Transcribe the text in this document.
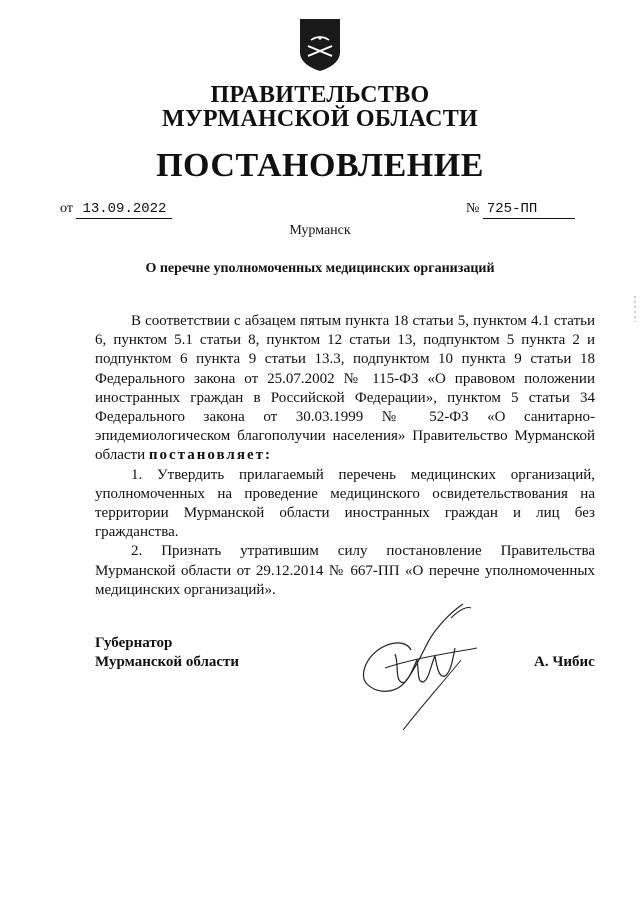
ПРАВИТЕЛЬСТВО
МУРМАНСКОЙ ОБЛАСТИ
ПОСТАНОВЛЕНИЕ
от 13.09.2022	№ 725-ПП
Мурманск
О перечне уполномоченных медицинских организаций

В соответствии с абзацем пятым пункта 18 статьи 5, пунктом 4.1 статьи 6, пунктом 5.1 статьи 8, пунктом 12 статьи 13, подпунктом 5 пункта 2 и подпунктом 6 пункта 9 статьи 13.3, подпунктом 10 пункта 9 статьи 18 Федерального закона от 25.07.2002 № 115-ФЗ «О правовом положении иностранных граждан в Российской Федерации», пунктом 5 статьи 34 Федерального закона от 30.03.1999 № 52-ФЗ «О санитарно-эпидемиологическом благополучии населения» Правительство Мурманской области постановляет:

1. Утвердить прилагаемый перечень медицинских организаций, уполномоченных на проведение медицинского освидетельствования на территории Мурманской области иностранных граждан и лиц без гражданства.

2. Признать утратившим силу постановление Правительства Мурманской области от 29.12.2014 № 667-ПП «О перечне уполномоченных медицинских организаций».

Губернатор
Мурманской области	А. Чибис
